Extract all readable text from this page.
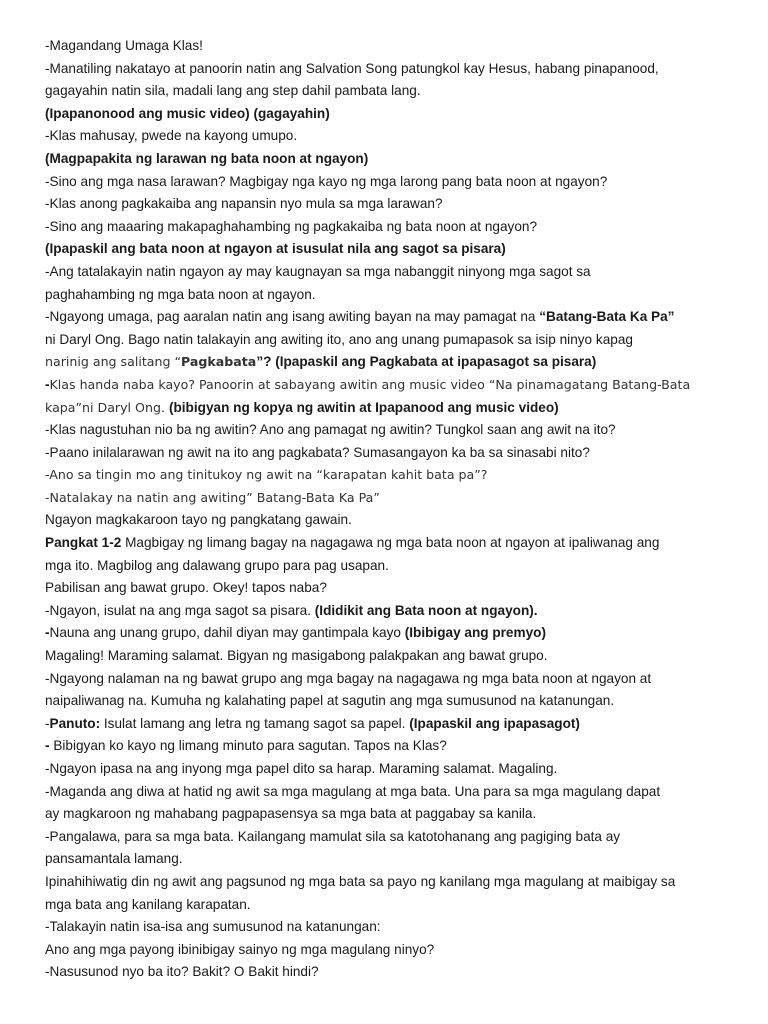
-Magandang Umaga Klas!

-Manatiling nakatayo at panoorin natin ang Salvation Song patungkol kay Hesus, habang pinapanood,

gagayahin natin sila, madali lang ang step dahil pambata lang.

(Ipapanonood ang music video) (gagayahin)

-Klas mahusay, pwede na kayong umupo.

(Magpapakita ng larawan ng bata noon at ngayon)

-Sino ang mga nasa larawan? Magbigay nga kayo ng mga larong pang bata noon at ngayon?

-Klas anong pagkakaiba ang napansin nyo mula sa mga larawan?

-Sino ang maaaring makapaghahambing ng pagkakaiba ng bata noon at ngayon?

(Ipapaskil ang bata noon at ngayon at isusulat nila ang sagot sa pisara)

-Ang tatalakayin natin ngayon ay may kaugnayan sa mga nabanggit ninyong mga sagot sa

paghahambing ng mga bata noon at ngayon.

-Ngayong umaga, pag aaralan natin ang isang awiting bayan na may pamagat na “Batang-Bata Ka Pa”

ni Daryl Ong. Bago natin talakayin ang awiting ito, ano ang unang pumapasok sa isip ninyo kapag

narinig ang salitang “Pagkabata”? (Ipapaskil ang Pagkabata at ipapasagot sa pisara)

-Klas handa naba kayo? Panoorin at sabayang awitin ang music video “Na pinamagatang Batang-Bata

kapa”ni Daryl Ong. (bibigyan ng kopya ng awitin at Ipapanood ang music video)

-Klas nagustuhan nio ba ng awitin? Ano ang pamagat ng awitin? Tungkol saan ang awit na ito?

-Paano inilalarawan ng awit na ito ang pagkabata? Sumasangayon ka ba sa sinasabi nito?

-Ano sa tingin mo ang tinitukoy ng awit na “karapatan kahit bata pa”?

-Natalakay na natin ang awiting” Batang-Bata Ka Pa”

Ngayon magkakaroon tayo ng pangkatang gawain.

Pangkat 1-2 Magbigay ng limang bagay na nagagawa ng mga bata noon at ngayon at ipaliwanag ang

mga ito. Magbilog ang dalawang grupo para pag usapan.

Pabilisan ang bawat grupo. Okey! tapos naba?

-Ngayon, isulat na ang mga sagot sa pisara. (Ididikit ang Bata noon at ngayon).

-Nauna ang unang grupo, dahil diyan may gantimpala kayo (Ibibigay ang premyo)

Magaling! Maraming salamat. Bigyan ng masigabong palakpakan ang bawat grupo.

-Ngayong nalaman na ng bawat grupo ang mga bagay na nagagawa ng mga bata noon at ngayon at

naipaliwanag na. Kumuha ng kalahating papel at sagutin ang mga sumusunod na katanungan.

-Panuto: Isulat lamang ang letra ng tamang sagot sa papel. (Ipapaskil ang ipapasagot)

- Bibigyan ko kayo ng limang minuto para sagutan. Tapos na Klas?

-Ngayon ipasa na ang inyong mga papel dito sa harap. Maraming salamat. Magaling.

-Maganda ang diwa at hatid ng awit sa mga magulang at mga bata. Una para sa mga magulang dapat

ay magkaroon ng mahabang pagpapasensya sa mga bata at paggabay sa kanila.

-Pangalawa, para sa mga bata. Kailangang mamulat sila sa katotohanang ang pagiging bata ay

pansamantala lamang.

Ipinahihiwatig din ng awit ang pagsunod ng mga bata sa payo ng kanilang mga magulang at maibigay sa

mga bata ang kanilang karapatan.

-Talakayin natin isa-isa ang sumusunod na katanungan:

Ano ang mga payong ibinibigay sainyo ng mga magulang ninyo?

-Nasusunod nyo ba ito? Bakit? O Bakit hindi?
